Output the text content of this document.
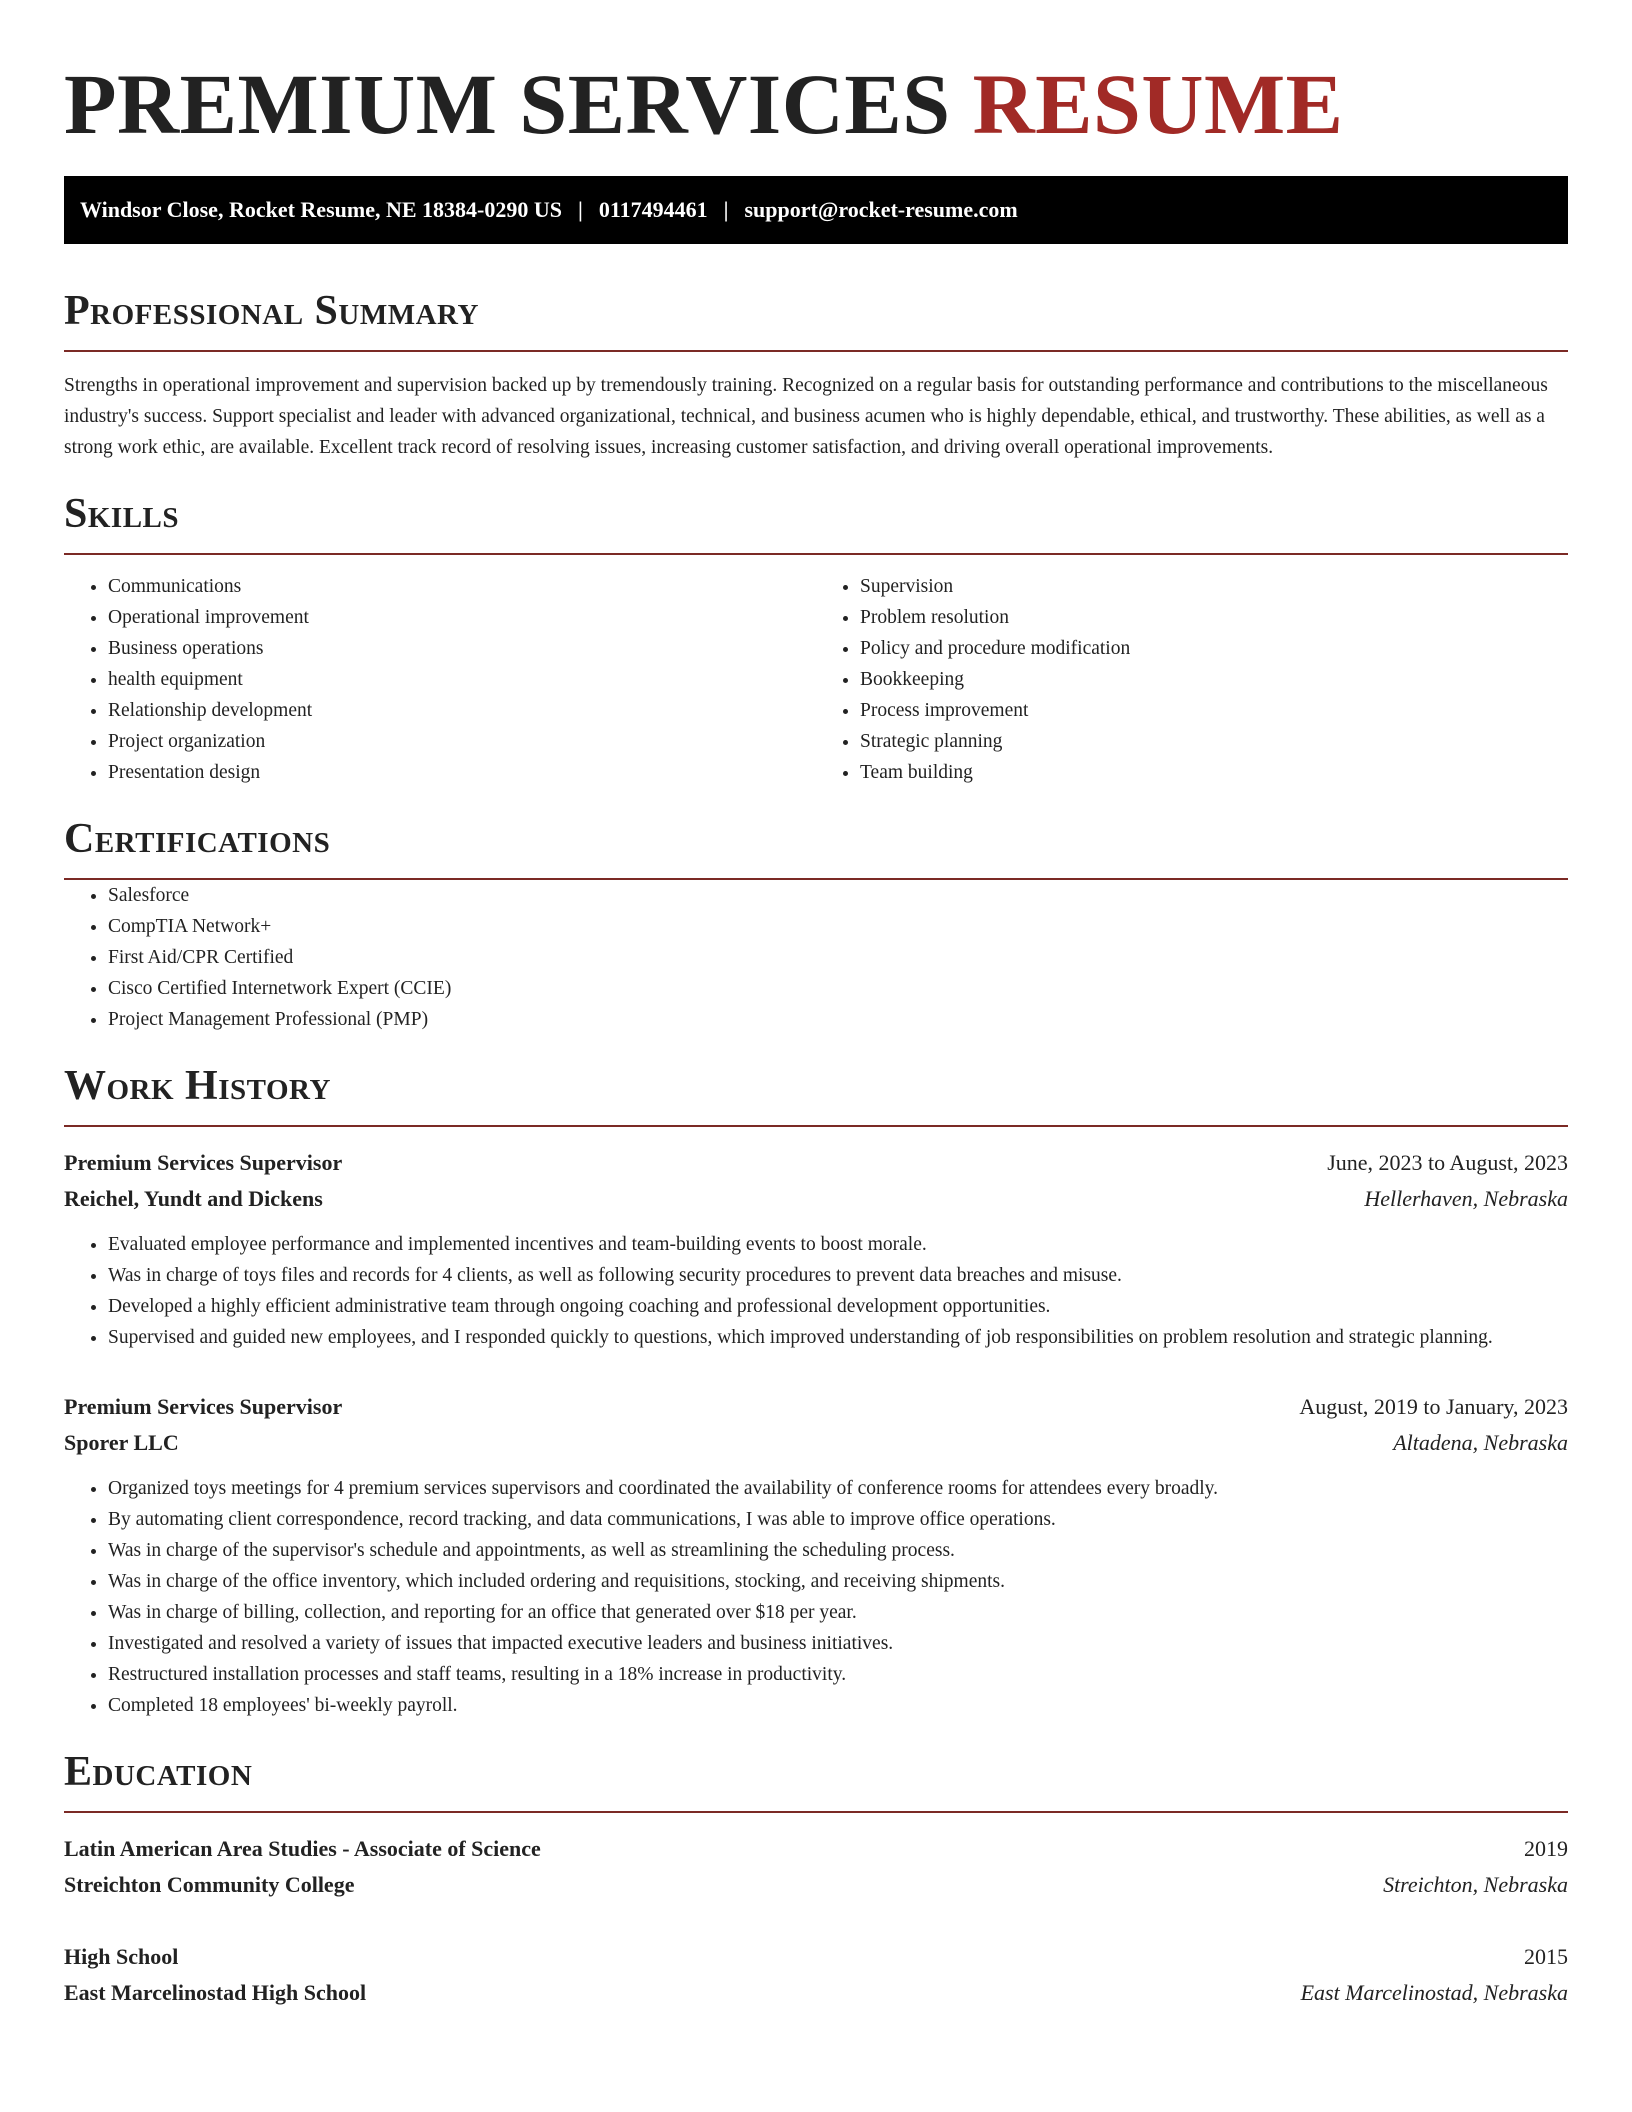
PREMIUM SERVICES RESUME
Windsor Close, Rocket Resume, NE 18384-0290 US | 0117494461 | support@rocket-resume.com
Professional Summary

Strengths in operational improvement and supervision backed up by tremendously training. Recognized on a regular basis for outstanding performance and contributions to the miscellaneous industry's success. Support specialist and leader with advanced organizational, technical, and business acumen who is highly dependable, ethical, and trustworthy. These abilities, as well as a strong work ethic, are available. Excellent track record of resolving issues, increasing customer satisfaction, and driving overall operational improvements.

Skills
• Communications
• Operational improvement
• Business operations
• health equipment
• Relationship development
• Project organization
• Presentation design
• Supervision
• Problem resolution
• Policy and procedure modification
• Bookkeeping
• Process improvement
• Strategic planning
• Team building
Certifications
• Salesforce
• CompTIA Network+
• First Aid/CPR Certified
• Cisco Certified Internetwork Expert (CCIE)
• Project Management Professional (PMP)
Work History
Premium Services Supervisor	June, 2023 to August, 2023
Reichel, Yundt and Dickens	Hellerhaven, Nebraska
• Evaluated employee performance and implemented incentives and team-building events to boost morale.
• Was in charge of toys files and records for 4 clients, as well as following security procedures to prevent data breaches and misuse.
• Developed a highly efficient administrative team through ongoing coaching and professional development opportunities.
• Supervised and guided new employees, and I responded quickly to questions, which improved understanding of job responsibilities on problem resolution and strategic planning.
Premium Services Supervisor	August, 2019 to January, 2023
Sporer LLC	Altadena, Nebraska
• Organized toys meetings for 4 premium services supervisors and coordinated the availability of conference rooms for attendees every broadly.
• By automating client correspondence, record tracking, and data communications, I was able to improve office operations.
• Was in charge of the supervisor's schedule and appointments, as well as streamlining the scheduling process.
• Was in charge of the office inventory, which included ordering and requisitions, stocking, and receiving shipments.
• Was in charge of billing, collection, and reporting for an office that generated over $18 per year.
• Investigated and resolved a variety of issues that impacted executive leaders and business initiatives.
• Restructured installation processes and staff teams, resulting in a 18% increase in productivity.
• Completed 18 employees' bi-weekly payroll.
Education
Latin American Area Studies - Associate of Science	2019
Streichton Community College	Streichton, Nebraska
High School	2015
East Marcelinostad High School	East Marcelinostad, Nebraska
